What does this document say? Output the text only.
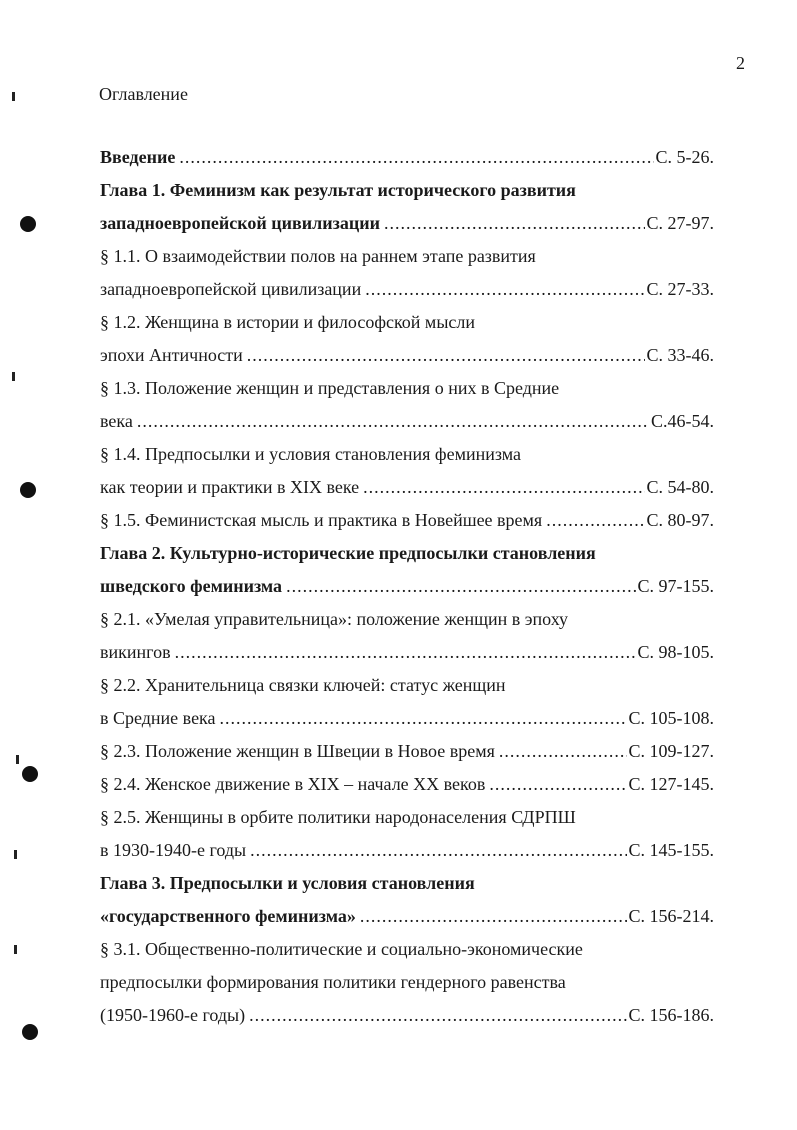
2
Оглавление
Введение .....	С. 5-26.
Глава 1. Феминизм как результат исторического развития
западноевропейской цивилизации .....	С. 27-97.
§ 1.1. О взаимодействии полов на раннем этапе развития
западноевропейской цивилизации .....	С. 27-33.
§ 1.2. Женщина в истории и философской мысли
эпохи Античности .....	С. 33-46.
§ 1.3. Положение женщин и представления о них в Средние
века .....	С.46-54.
§ 1.4. Предпосылки и условия становления феминизма
как теории и практики в XIX веке .....	С. 54-80.
§ 1.5. Феминистская мысль и практика в Новейшее время .....	С. 80-97.
Глава 2. Культурно-исторические предпосылки становления
шведского феминизма .....	С. 97-155.
§ 2.1. «Умелая управительница»: положение женщин в эпоху
викингов .....	С. 98-105.
§ 2.2. Хранительница связки ключей: статус женщин
в Средние века .....	С. 105-108.
§ 2.3. Положение женщин в Швеции в Новое время .....	С. 109-127.
§ 2.4. Женское движение в XIX – начале XX веков .....	С. 127-145.
§ 2.5. Женщины в орбите политики народонаселения СДРПШ
в 1930-1940-е годы .....	С. 145-155.
Глава 3. Предпосылки и условия становления
«государственного феминизма» .....	С. 156-214.
§ 3.1. Общественно-политические и социально-экономические
предпосылки формирования политики гендерного равенства
(1950-1960-е годы) .....	С. 156-186.
